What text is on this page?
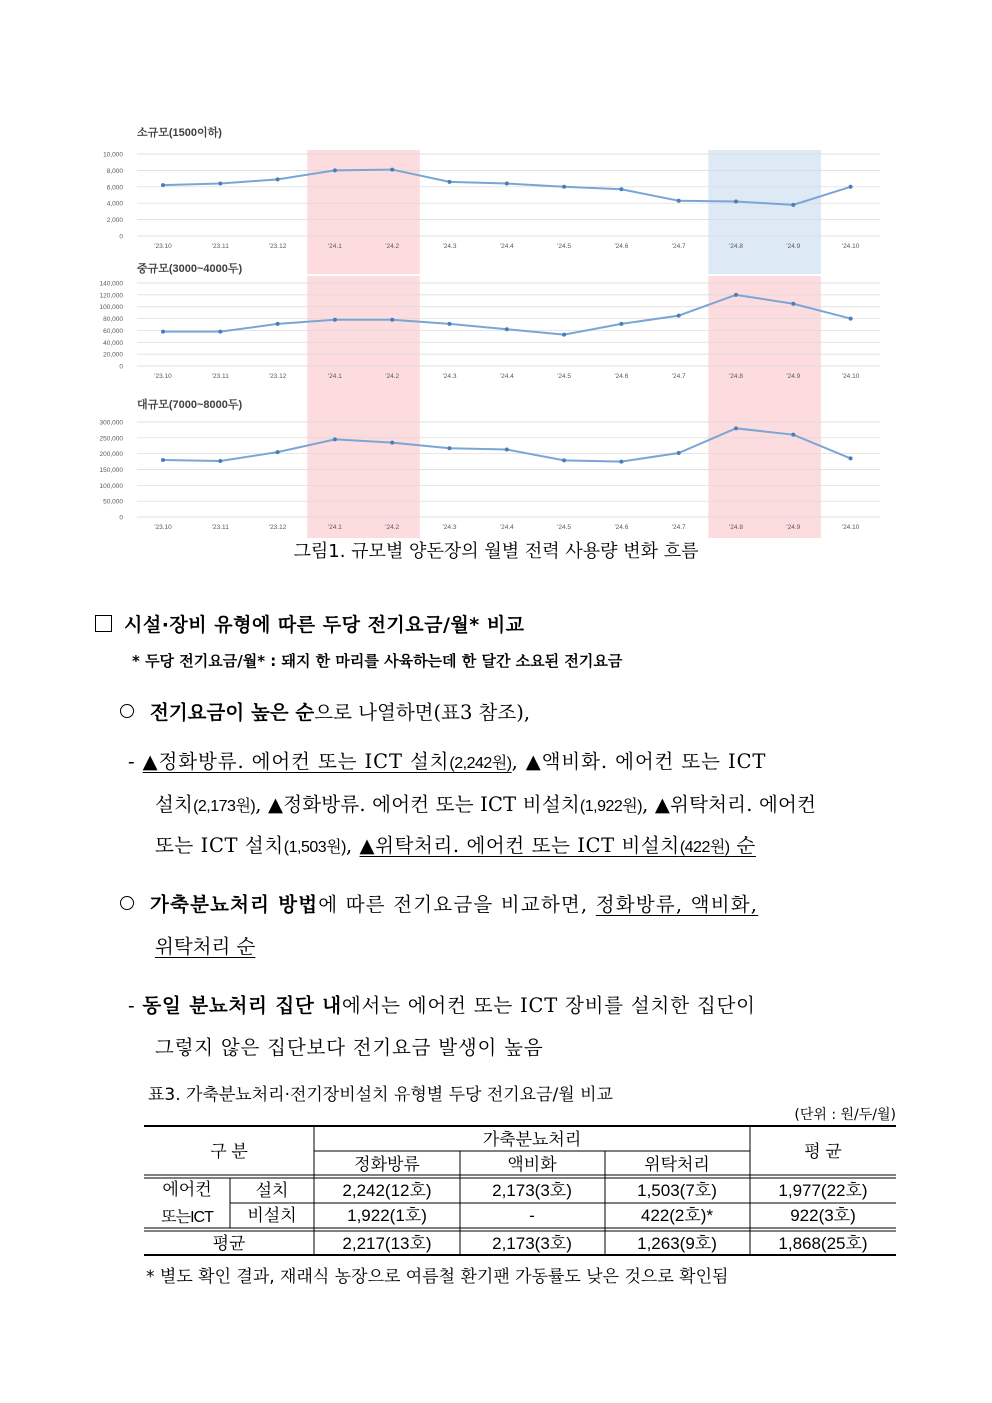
소규모(1500이하)
0
2,000
4,000
6,000
8,000
10,000
'23.10	'23.11	'23.12	'24.1	'24.2	'24.3	'24.4	'24.5	'24.6	'24.7	'24.8	'24.9	'24.10
중규모(3000~4000두)
0
20,000
40,000
60,000
80,000
100,000
120,000
140,000
'23.10	'23.11	'23.12	'24.1	'24.2	'24.3	'24.4	'24.5	'24.6	'24.7	'24.8	'24.9	'24.10
대규모(7000~8000두)
0
50,000
100,000
150,000
200,000
250,000
300,000
'23.10	'23.11	'23.12	'24.1	'24.2	'24.3	'24.4	'24.5	'24.6	'24.7	'24.8	'24.9	'24.10
그림1. 규모별 양돈장의 월별 전력 사용량 변화 흐름
시설·장비 유형에 따른 두당 전기요금/월* 비교
* 두당 전기요금/월* : 돼지 한 마리를 사육하는데 한 달간 소요된 전기요금
전기요금이 높은 순으로 나열하면(표3 참조),
- ▲정화방류. 에어컨 또는 ICT 설치(2,242원), ▲액비화. 에어컨 또는 ICT
설치(2,173원), ▲정화방류. 에어컨 또는 ICT 비설치(1,922원), ▲위탁처리. 에어컨
또는 ICT 설치(1,503원), ▲위탁처리. 에어컨 또는 ICT 비설치(422원) 순
가축분뇨처리 방법에 따른 전기요금을 비교하면, 정화방류, 액비화,
위탁처리 순
- 동일 분뇨처리 집단 내에서는 에어컨 또는 ICT 장비를 설치한 집단이
그렇지 않은 집단보다 전기요금 발생이 높음
표3. 가축분뇨처리·전기장비설치 유형별 두당 전기요금/월 비교
(단위 : 원/두/월)
구 분
가축분뇨처리
평 균
정화방류	액비화	위탁처리
에어컨
또는ICT
설치	2,242(12호)	2,173(3호)	1,503(7호)	1,977(22호)
비설치	1,922(1호)	-	422(2호)*	922(3호)
평균	2,217(13호)	2,173(3호)	1,263(9호)	1,868(25호)
* 별도 확인 결과, 재래식 농장으로 여름철 환기팬 가동률도 낮은 것으로 확인됨
